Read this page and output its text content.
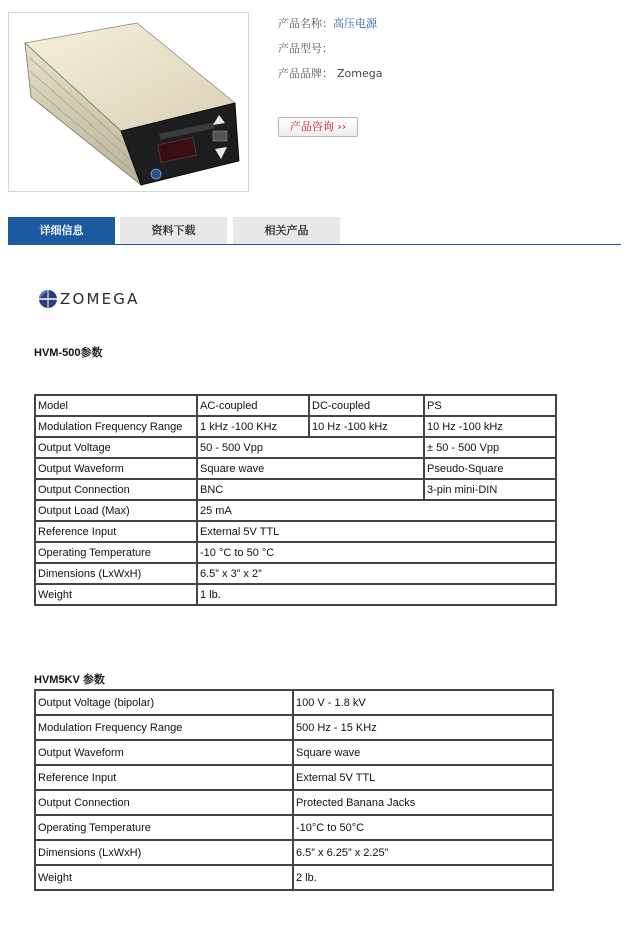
产品名称：高压电源
产品型号：
产品品牌： Zomega
产品咨询 ››
详细信息	资料下载	相关产品
ZOMEGA
HVM-500参数
Model	AC-coupled	DC-coupled	PS
Modulation Frequency Range	1 kHz -100 KHz	10 Hz -100 kHz	10 Hz -100 kHz
Output Voltage	50 - 500 Vpp		± 50 - 500 Vpp
Output Waveform	Square wave		Pseudo-Square
Output Connection	BNC		3-pin mini-DIN
Output Load (Max)	25 mA		
Reference Input	External 5V TTL		
Operating Temperature	-10 °C to 50 °C		
Dimensions (LxWxH)	6.5” x 3” x 2”		
Weight	1 lb.		
HVM5KV 参数
Output Voltage (bipolar)	100 V - 1.8 kV
Modulation Frequency Range	500 Hz - 15 KHz
Output Waveform	Square wave
Reference Input	External 5V TTL
Output Connection	Protected Banana Jacks
Operating Temperature	-10°C to 50°C
Dimensions (LxWxH)	6.5” x 6.25” x 2.25”
Weight	2 lb.
